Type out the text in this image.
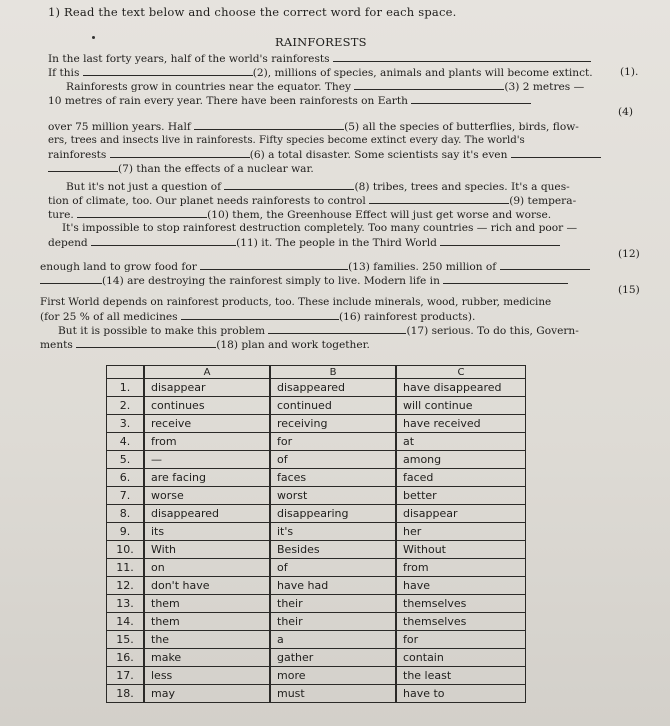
1) Read the text below and choose the correct word for each space.
RAINFORESTS
In the last forty years, half of the world's rainforests
If this	(2), millions of species, animals and plants will become extinct.	(1).
Rainforests grow in countries near the equator. They	(3) 2 metres —
10 metres of rain every year. There have been rainforests on Earth
(4)
over 75 million years. Half	(5) all the species of butterflies, birds, flow-
ers, trees and insects live in rainforests. Fifty species become extinct every day. The world's
rainforests	(6) a total disaster. Some scientists say it's even
(7) than the effects of a nuclear war.
But it's not just a question of	(8) tribes, trees and species. It's a ques-
tion of climate, too. Our planet needs rainforests to control	(9) tempera-
ture.	(10) them, the Greenhouse Effect will just get worse and worse.
It's impossible to stop rainforest destruction completely. Too many countries — rich and poor —
depend	(11) it. The people in the Third World
(12)
enough land to grow food for	(13) families. 250 million of
(14) are destroying the rainforest simply to live. Modern life in
(15)
First World depends on rainforest products, too. These include minerals, wood, rubber, medicine
(for 25 % of all medicines	(16) rainforest products).
But it is possible to make this problem	(17) serious. To do this, Govern-
ments	(18) plan and work together.
	A	B	C
1.	disappear	disappeared	have disappeared
2.	continues	continued	will continue
3.	receive	receiving	have received
4.	from	for	at
5.	—	of	among
6.	are facing	faces	faced
7.	worse	worst	better
8.	disappeared	disappearing	disappear
9.	its	it's	her
10.	With	Besides	Without
11.	on	of	from
12.	don't have	have had	have
13.	them	their	themselves
14.	them	their	themselves
15.	the	a	for
16.	make	gather	contain
17.	less	more	the least
18.	may	must	have to
